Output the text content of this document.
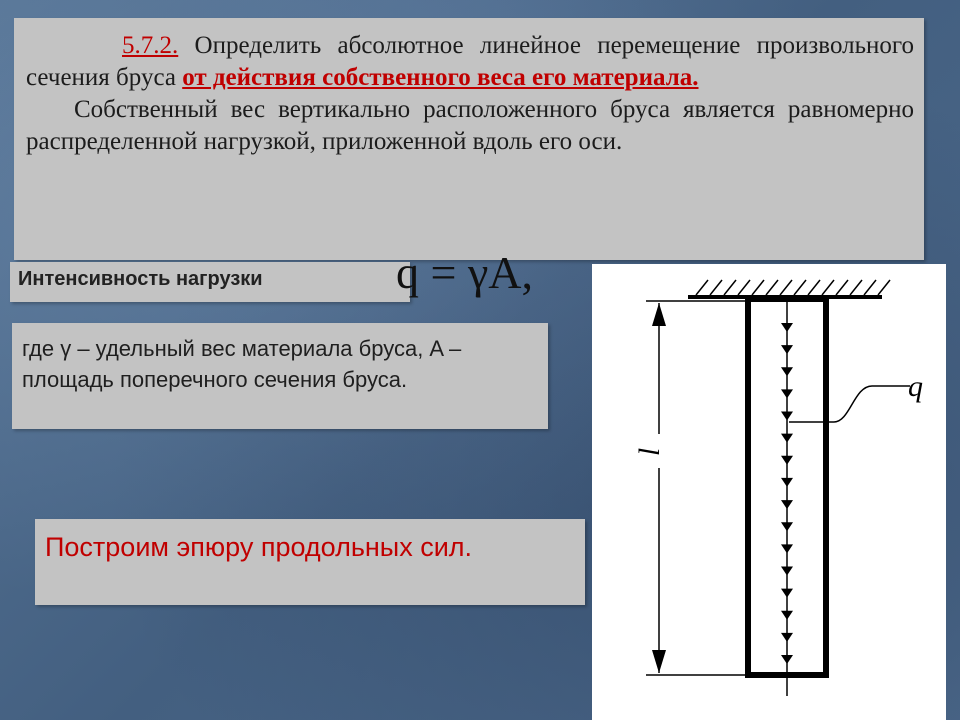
5.7.2. Определить абсолютное линейное перемещение произвольного сечения бруса от действия собственного веса его материала.

Собственный вес вертикально расположенного бруса является равномерно распределенной нагрузкой, приложенной вдоль его оси.

Интенсивность нагрузки	q = γA,
где γ – удельный вес материала бруса, A – площадь поперечного сечения бруса.
Построим эпюру продольных сил.
q
l
